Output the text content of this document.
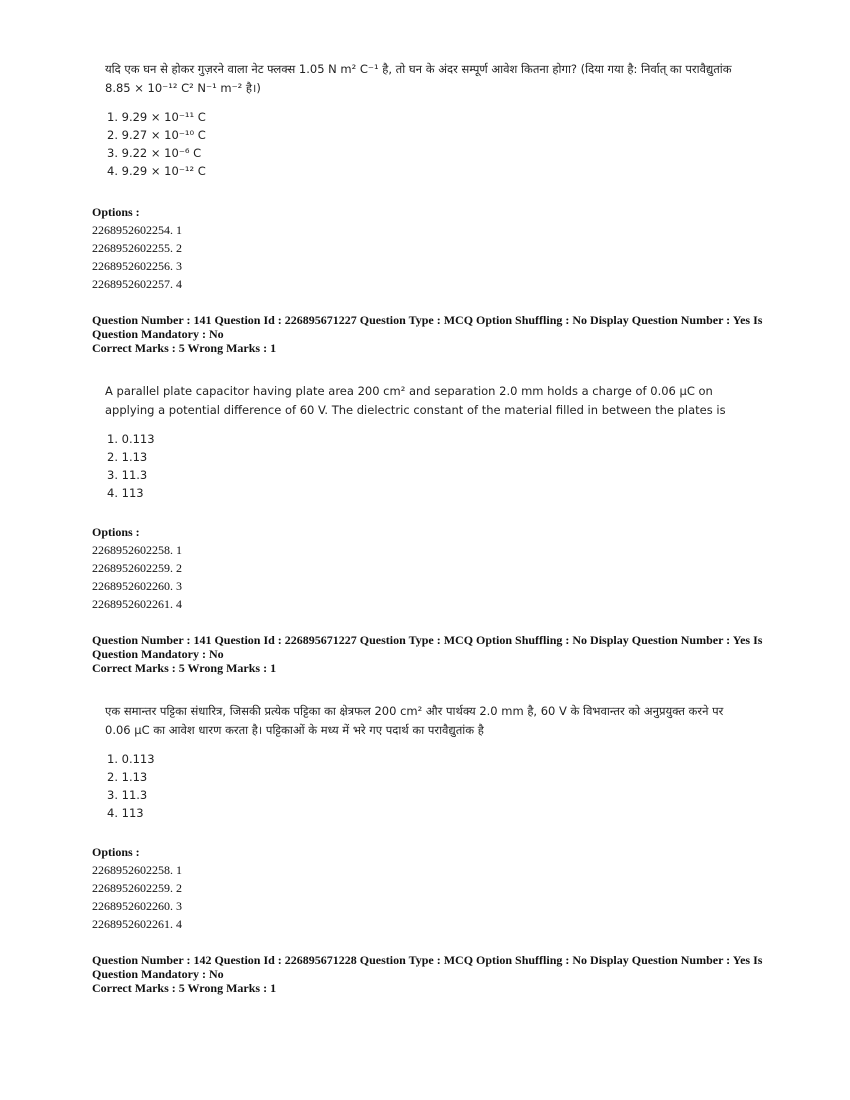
यदि एक घन से होकर गुज़रने वाला नेट फ्लक्स 1.05 N m² C⁻¹ है, तो घन के अंदर सम्पूर्ण आवेश कितना होगा? (दिया गया है: निर्वात् का परावैद्युतांक 8.85 × 10⁻¹² C² N⁻¹ m⁻² है।)

1. 9.29 × 10⁻¹¹ C
2. 9.27 × 10⁻¹⁰ C
3. 9.22 × 10⁻⁶ C
4. 9.29 × 10⁻¹² C
Options :
2268952602254. 1
2268952602255. 2
2268952602256. 3
2268952602257. 4
Question Number : 141 Question Id : 226895671227 Question Type : MCQ Option Shuffling : No Display Question Number : Yes Is
Question Mandatory : No
Correct Marks : 5 Wrong Marks : 1

A parallel plate capacitor having plate area 200 cm² and separation 2.0 mm holds a charge of 0.06 μC on applying a potential difference of 60 V. The dielectric constant of the material filled in between the plates is

1. 0.113
2. 1.13
3. 11.3
4. 113
Options :
2268952602258. 1
2268952602259. 2
2268952602260. 3
2268952602261. 4
Question Number : 141 Question Id : 226895671227 Question Type : MCQ Option Shuffling : No Display Question Number : Yes Is
Question Mandatory : No
Correct Marks : 5 Wrong Marks : 1

एक समान्तर पट्टिका संधारित्र, जिसकी प्रत्येक पट्टिका का क्षेत्रफल 200 cm² और पार्थक्य 2.0 mm है, 60 V के विभवान्तर को अनुप्रयुक्त करने पर 0.06 μC का आवेश धारण करता है। पट्टिकाओं के मध्य में भरे गए पदार्थ का परावैद्युतांक है

1. 0.113
2. 1.13
3. 11.3
4. 113
Options :
2268952602258. 1
2268952602259. 2
2268952602260. 3
2268952602261. 4
Question Number : 142 Question Id : 226895671228 Question Type : MCQ Option Shuffling : No Display Question Number : Yes Is
Question Mandatory : No
Correct Marks : 5 Wrong Marks : 1
